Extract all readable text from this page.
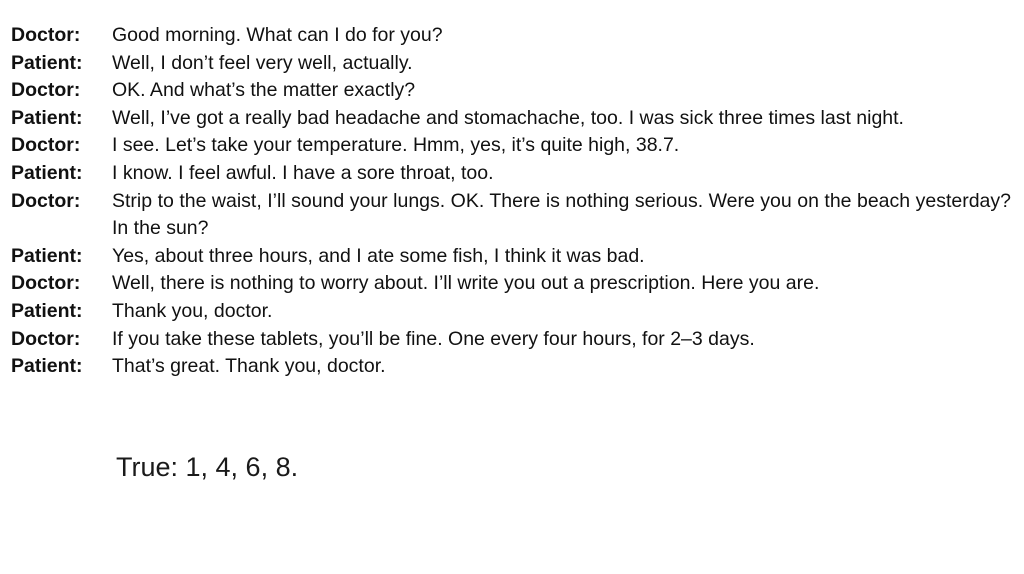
Doctor:	Good morning. What can I do for you?
Patient:	Well, I don’t feel very well, actually.
Doctor:	OK. And what’s the matter exactly?
Patient:	Well, I’ve got a really bad headache and stomachache, too. I was sick three times last night.
Doctor:	I see. Let’s take your temperature. Hmm, yes, it’s quite high, 38.7.
Patient:	I know. I feel awful. I have a sore throat, too.
Doctor:	Strip to the waist, I’ll sound your lungs. OK. There is nothing serious. Were you on the beach yesterday? In the sun?
Patient:	Yes, about three hours, and I ate some fish, I think it was bad.
Doctor:	Well, there is nothing to worry about. I’ll write you out a prescription. Here you are.
Patient:	Thank you, doctor.
Doctor:	If you take these tablets, you’ll be fine. One every four hours, for 2–3 days.
Patient:	That’s great. Thank you, doctor.
True: 1, 4, 6, 8.
